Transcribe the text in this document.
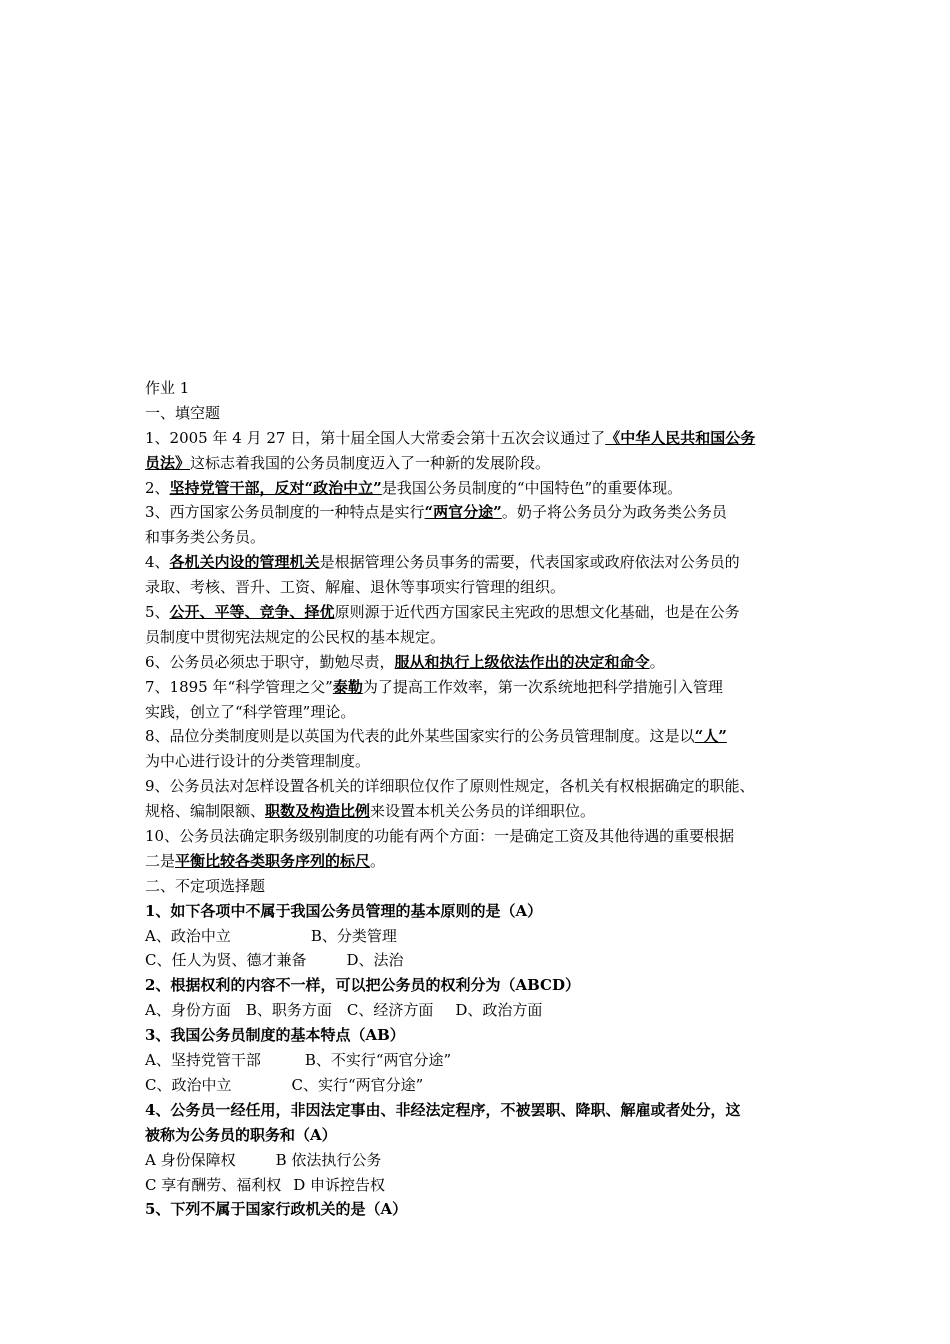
作业 1
一、填空题
1、2005 年 4 月 27 日，第十届全国人大常委会第十五次会议通过了《中华人民共和国公务
员法》这标志着我国的公务员制度迈入了一种新的发展阶段。
2、坚持党管干部，反对“政治中立”是我国公务员制度的“中国特色”的重要体现。
3、西方国家公务员制度的一种特点是实行“两官分途”。奶子将公务员分为政务类公务员
和事务类公务员。
4、各机关内设的管理机关是根据管理公务员事务的需要，代表国家或政府依法对公务员的
录取、考核、晋升、工资、解雇、退休等事项实行管理的组织。
5、公开、平等、竞争、择优原则源于近代西方国家民主宪政的思想文化基础，也是在公务
员制度中贯彻宪法规定的公民权的基本规定。
6、公务员必须忠于职守，勤勉尽责，服从和执行上级依法作出的决定和命令。
7、1895 年“科学管理之父”泰勒为了提高工作效率，第一次系统地把科学措施引入管理
实践，创立了“科学管理”理论。
8、品位分类制度则是以英国为代表的此外某些国家实行的公务员管理制度。这是以“人”
为中心进行设计的分类管理制度。
9、公务员法对怎样设置各机关的详细职位仅作了原则性规定，各机关有权根据确定的职能、
规格、编制限额、职数及构造比例来设置本机关公务员的详细职位。
10、公务员法确定职务级别制度的功能有两个方面：一是确定工资及其他待遇的重要根据
二是平衡比较各类职务序列的标尺。
二、不定项选择题
1、如下各项中不属于我国公务员管理的基本原则的是（A）
A、政治中立	B、分类管理
C、任人为贤、德才兼备	D、法治
2、根据权利的内容不一样，可以把公务员的权利分为（ABCD）
A、身份方面 B、职务方面 C、经济方面 D、政治方面
3、我国公务员制度的基本特点（AB）
A、坚持党管干部	B、不实行“两官分途”
C、政治中立	C、实行“两官分途”
4、公务员一经任用，非因法定事由、非经法定程序，不被罢职、降职、解雇或者处分，这
被称为公务员的职务和（A）
A 身份保障权	B 依法执行公务
C 享有酬劳、福利权 D 申诉控告权
5、下列不属于国家行政机关的是（A）
